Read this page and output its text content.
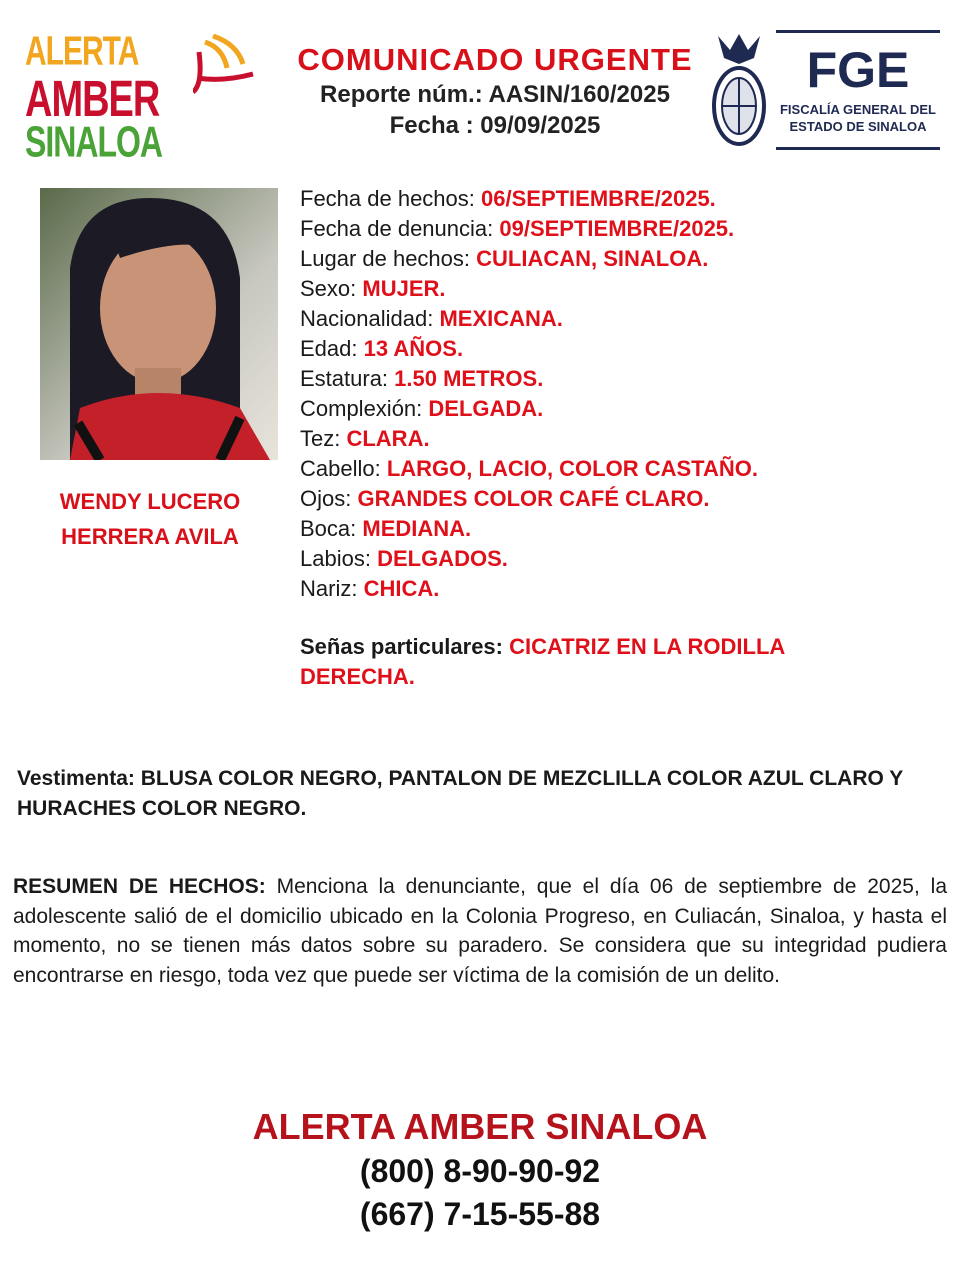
ALERTA
AMBER
SINALOA
COMUNICADO URGENTE
Reporte núm.: AASIN/160/2025
Fecha : 09/09/2025
FGE
FISCALÍA GENERAL DEL
ESTADO DE SINALOA
WENDY LUCERO
HERRERA AVILA
Fecha de hechos: 06/SEPTIEMBRE/2025.
Fecha de denuncia: 09/SEPTIEMBRE/2025.
Lugar de hechos: CULIACAN, SINALOA.
Sexo: MUJER.
Nacionalidad: MEXICANA.
Edad: 13 AÑOS.
Estatura: 1.50 METROS.
Complexión: DELGADA.
Tez: CLARA.
Cabello: LARGO, LACIO, COLOR CASTAÑO.
Ojos: GRANDES COLOR CAFÉ CLARO.
Boca: MEDIANA.
Labios: DELGADOS.
Nariz: CHICA.
Señas particulares: CICATRIZ EN LA RODILLA DERECHA.
Vestimenta: BLUSA COLOR NEGRO, PANTALON DE MEZCLILLA COLOR AZUL CLARO Y HURACHES COLOR NEGRO.
RESUMEN DE HECHOS: Menciona la denunciante, que el día 06 de septiembre de 2025, la adolescente salió de el domicilio ubicado en la Colonia Progreso, en Culiacán, Sinaloa, y hasta el momento, no se tienen más datos sobre su paradero. Se considera que su integridad pudiera encontrarse en riesgo, toda vez que puede ser víctima de la comisión de un delito.
ALERTA AMBER SINALOA
(800) 8-90-90-92
(667) 7-15-55-88
